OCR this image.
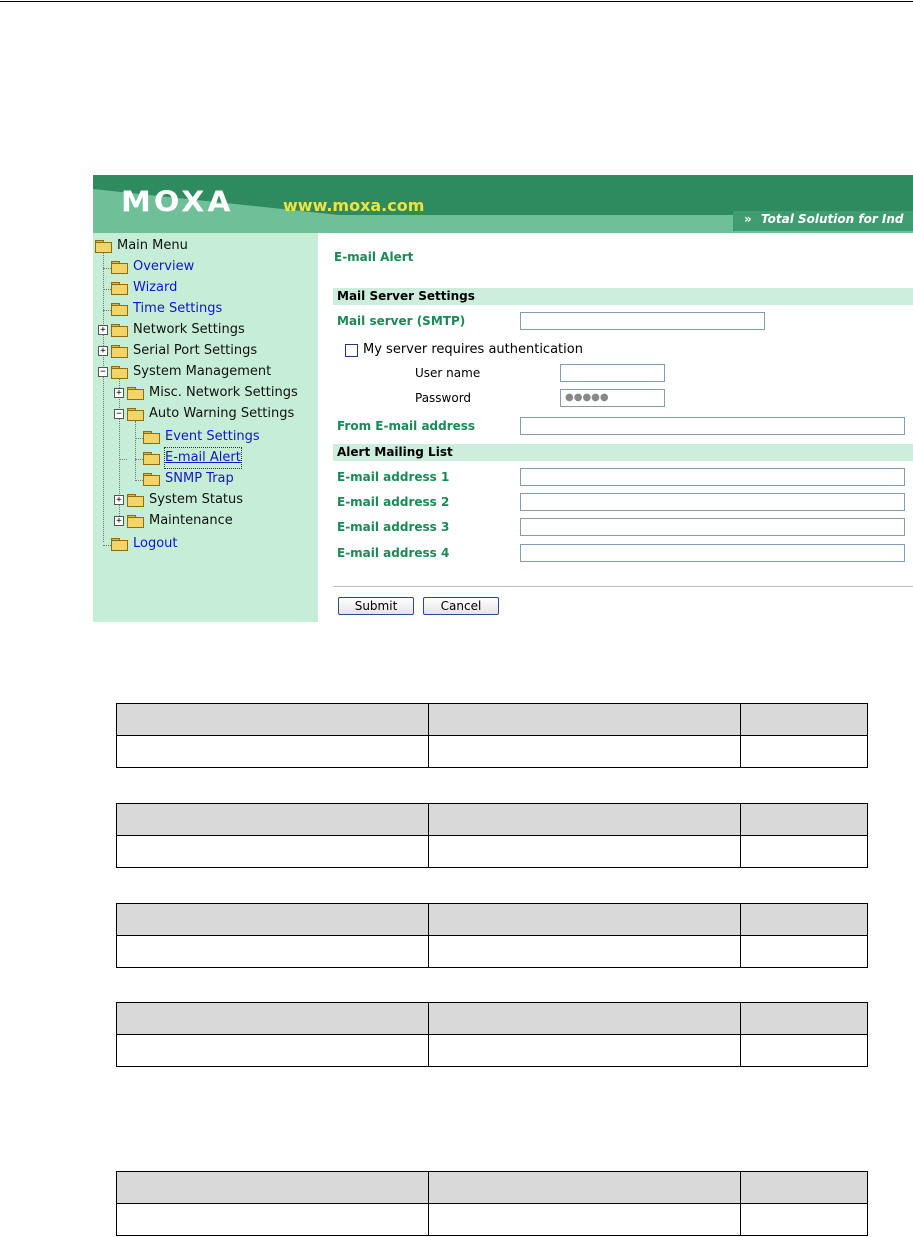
MOXA	www.moxa.com
» Total Solution for Ind
Main Menu
Overview
Wizard
Time Settings
+ Network Settings
+ Serial Port Settings
− System Management
+ Misc. Network Settings
− Auto Warning Settings
Event Settings
E-mail Alert
SNMP Trap
+ System Status
+ Maintenance
Logout
E-mail Alert
Mail Server Settings
Mail server (SMTP)
My server requires authentication
User name
Password	●●●●●
From E-mail address
Alert Mailing List
E-mail address 1
E-mail address 2
E-mail address 3
E-mail address 4
Submit	Cancel
